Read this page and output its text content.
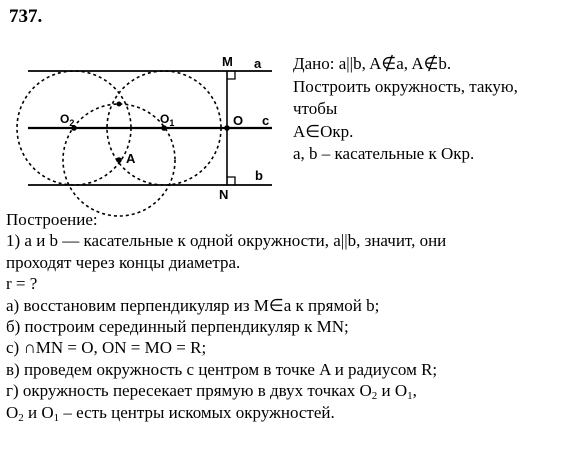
737.
M a
O c
N
b
A
$O_2$	$O_1$
Дано: a||b, A∉a, A∉b.
Построить окружность, такую,
чтобы
A∈Окр.
a, b – касательные к Окр.
Построение:
1) a и b — касательные к одной окружности, a||b, значит, они
проходят через концы диаметра.
r = ?
а) восстановим перпендикуляр из M∈a к прямой b;
б) построим серединный перпендикуляр к MN;
с) ∩MN = O, ON = MO = R;
в) проведем окружность с центром в точке A и радиусом R;
г) окружность пересекает прямую в двух точках $O_2$ и $O_1$,
$O_2$ и $O_1$ – есть центры искомых окружностей.
